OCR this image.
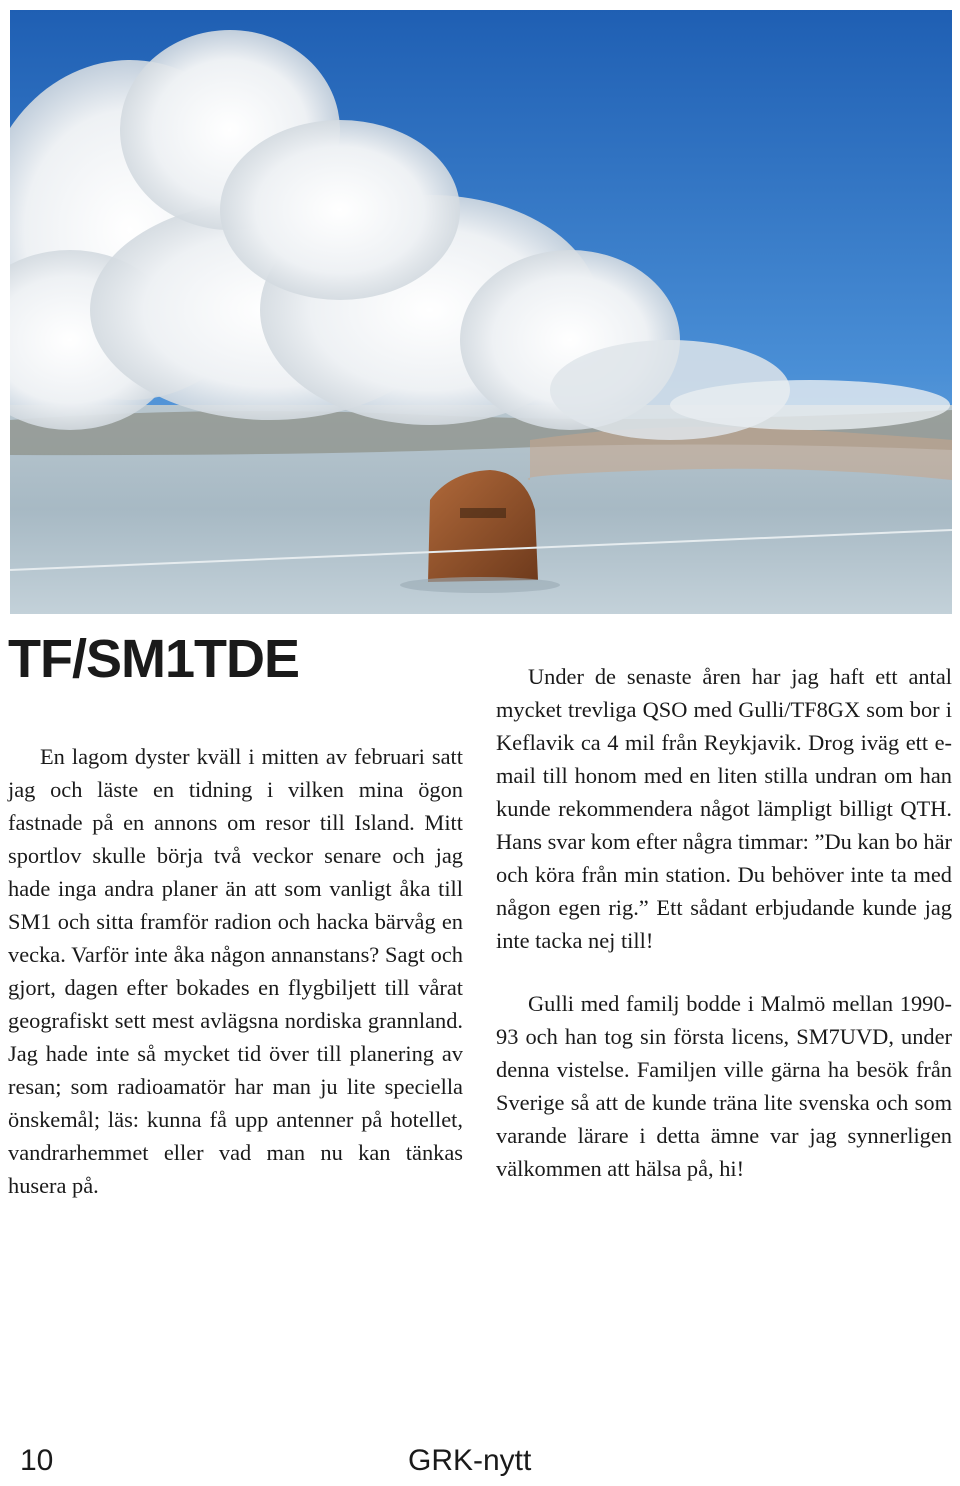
TF/SM1TDE

En lagom dyster kväll i mitten av februari satt jag och läste en tidning i vilken mina ögon fastnade på en annons om resor till Island. Mitt sportlov skulle börja två veckor senare och jag hade inga andra planer än att som vanligt åka till SM1 och sitta framför radion och hacka bärvåg en vecka. Varför inte åka någon annanstans? Sagt och gjort, dagen efter bokades en flygbiljett till vårat geografiskt sett mest avlägsna nordiska grannland. Jag hade inte så mycket tid över till planering av resan; som radioamatör har man ju lite speciella önskemål; läs: kunna få upp antenner på hotellet, vandrarhemmet eller vad man nu kan tänkas husera på.

Under de senaste åren har jag haft ett antal mycket trevliga QSO med Gulli/TF8GX som bor i Keflavik ca 4 mil från Reykjavik. Drog iväg ett e-mail till honom med en liten stilla undran om han kunde rekommendera något lämpligt billigt QTH. Hans svar kom efter några timmar: ”Du kan bo här och köra från min station. Du behöver inte ta med någon egen rig.” Ett sådant erbjudande kunde jag inte tacka nej till!

Gulli med familj bodde i Malmö mellan 1990-93 och han tog sin första licens, SM7UVD, under denna vistelse. Familjen ville gärna ha besök från Sverige så att de kunde träna lite svenska och som varande lärare i detta ämne var jag synnerligen välkommen att hälsa på, hi!

10	GRK-nytt
